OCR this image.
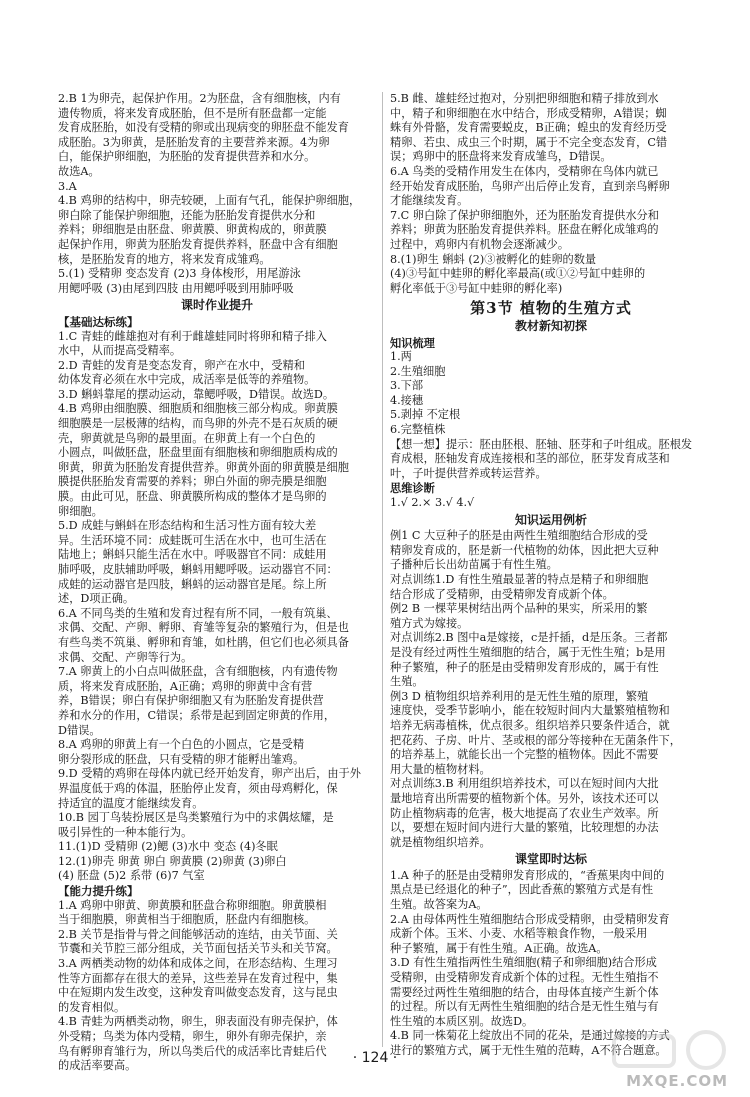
2.B 1为卵壳，起保护作用。2为胚盘，含有细胞核，内有
遗传物质，将来发育成胚胎，但不是所有胚盘都一定能
发育成胚胎，如没有受精的卵或出现病变的卵胚盘不能发育
成胚胎。3为卵黄，是胚胎发育的主要营养来源。4为卵
白，能保护卵细胞，为胚胎的发育提供营养和水分。
故选A。
3.A
4.B 鸡卵的结构中，卵壳较硬，上面有气孔，能保护卵细胞，
卵白除了能保护卵细胞，还能为胚胎发育提供水分和
养料；卵细胞是由胚盘、卵黄膜、卵黄构成的，卵黄膜
起保护作用，卵黄为胚胎发育提供养料，胚盘中含有细胞
核，是胚胎发育的地方，将来发育成雏鸡。
5.(1) 受精卵 变态发育 (2)3 身体梭形，用尾游泳
用鳃呼吸 (3)由尾到四肢 由用鳃呼吸到用肺呼吸
课时作业提升
【基础达标练】
1.C 青蛙的雌雄抱对有利于雌雄蛙同时将卵和精子排入
水中，从而提高受精率。
2.D 青蛙的发育是变态发育，卵产在水中，受精和
幼体发育必须在水中完成，成活率是低等的养殖物。
3.D 蝌蚪靠尾的摆动运动，靠鳃呼吸，D错误。故选D。
4.B 鸡卵由细胞膜、细胞质和细胞核三部分构成。卵黄膜
细胞膜是一层极薄的结构，而鸟卵的外壳不是石灰质的硬
壳，卵黄就是鸟卵的最里面。在卵黄上有一个白色的
小圆点，叫做胚盘，胚盘里面有细胞核和卵细胞质构成的
卵黄，卵黄为胚胎发育提供营养。卵黄外面的卵黄膜是细胞
膜提供胚胎发育需要的养料；卵白外面的卵壳膜是细胞
膜。由此可见，胚盘、卵黄膜所构成的整体才是鸟卵的
卵细胞。
5.D 成蛙与蝌蚪在形态结构和生活习性方面有较大差
异。生活环境不同：成蛙既可生活在水中，也可生活在
陆地上；蝌蚪只能生活在水中。呼吸器官不同：成蛙用
肺呼吸，皮肤辅助呼吸，蝌蚪用鳃呼吸。运动器官不同：
成蛙的运动器官是四肢，蝌蚪的运动器官是尾。综上所
述，D项正确。
6.A 不同鸟类的生殖和发育过程有所不同，一般有筑巢、
求偶、交配、产卵、孵卵、育雏等复杂的繁殖行为，但是也
有些鸟类不筑巢、孵卵和育雏，如杜鹃，但它们也必须具备
求偶、交配、产卵等行为。
7.A 卵黄上的小白点叫做胚盘，含有细胞核，内有遗传物
质，将来发育成胚胎，A正确；鸡卵的卵黄中含有营
养，B错误；卵白有保护卵细胞又有为胚胎发育提供营
养和水分的作用，C错误；系带是起到固定卵黄的作用，
D错误。
8.A 鸡卵的卵黄上有一个白色的小圆点，它是受精
卵分裂形成的胚盘，只有受精的卵才能孵出雏鸡。
9.D 受精的鸡卵在母体内就已经开始发育，卵产出后，由于外
界温度低于鸡的体温，胚胎停止发育，须由母鸡孵化，保
持适宜的温度才能继续发育。
10.B 园丁鸟装扮展区是鸟类繁殖行为中的求偶炫耀，是
吸引异性的一种本能行为。
11.(1)D 受精卵 (2)鳃 (3)水中 变态 (4)冬眠
12.(1)卵壳 卵黄 卵白 卵黄膜 (2)卵黄 (3)卵白
(4) 胚盘 (5)2 系带 (6)7 气室
【能力提升练】
1.A 鸡卵中卵黄、卵黄膜和胚盘合称卵细胞。卵黄膜相
当于细胞膜，卵黄相当于细胞质，胚盘内有细胞核。
2.B 关节是指骨与骨之间能够活动的连结，由关节面、关
节囊和关节腔三部分组成，关节面包括关节头和关节窝。
3.A 两栖类动物的幼体和成体之间，在形态结构、生理习
性等方面都存在很大的差异，这些差异在发育过程中，集
中在短期内发生改变，这种发育叫做变态发育，这与昆虫
的发育相似。
4.B 青蛙为两栖类动物，卵生，卵表面没有卵壳保护，体
外受精；鸟类为体内受精，卵生，卵外有卵壳保护，亲
鸟有孵卵育雏行为，所以鸟类后代的成活率比青蛙后代
的成活率要高。
5.B 雌、雄蛙经过抱对，分别把卵细胞和精子排放到水
中，精子和卵细胞在水中结合，形成受精卵，A错误；蜘
蛛有外骨骼，发育需要蜕皮，B正确；蝗虫的发育经历受
精卵、若虫、成虫三个时期，属于不完全变态发育，C错
误；鸡卵中的胚盘将来发育成雏鸟，D错误。
6.A 鸟类的受精作用发生在体内，受精卵在鸟体内就已
经开始发育成胚胎，鸟卵产出后停止发育，直到亲鸟孵卵
才能继续发育。
7.C 卵白除了保护卵细胞外，还为胚胎发育提供水分和
养料；卵黄为胚胎发育提供养料。胚盘在孵化成雏鸡的
过程中，鸡卵内有机物会逐渐减少。
8.(1)卵生 蝌蚪 (2)③被孵化的蛙卵的数量
(4)③号缸中蛙卵的孵化率最高(或①②号缸中蛙卵的
孵化率低于③号缸中蛙卵的孵化率)
第3节 植物的生殖方式
教材新知初探
知识梳理
1.两
2.生殖细胞
3.下部
4.接穗
5.剥掉 不定根
6.完整植株
【想一想】提示：胚由胚根、胚轴、胚芽和子叶组成。胚根发
育成根，胚轴发育成连接根和茎的部位，胚芽发育成茎和
叶，子叶提供营养或转运营养。
思维诊断
1.√ 2.× 3.√ 4.√
知识运用例析
例1 C 大豆种子的胚是由两性生殖细胞结合形成的受
精卵发育成的，胚是新一代植物的幼体，因此把大豆种
子播种后长出幼苗属于有性生殖。
对点训练1.D 有性生殖最显著的特点是精子和卵细胞
结合形成了受精卵，由受精卵发育成新个体。
例2 B 一棵苹果树结出两个品种的果实，所采用的繁
殖方式为嫁接。
对点训练2.B 图中a是嫁接，c是扦插，d是压条。三者都
是没有经过两性生殖细胞的结合，属于无性生殖；b是用
种子繁殖，种子的胚是由受精卵发育形成的，属于有性
生殖。
例3 D 植物组织培养利用的是无性生殖的原理，繁殖
速度快，受季节影响小，能在较短时间内大量繁殖植物和
培养无病毒植株，优点很多。组织培养只要条件适合，就
把花药、子房、叶片、茎或根的部分等接种在无菌条件下，
的培养基上，就能长出一个完整的植物体。因此不需要
用大量的植物材料。
对点训练3.B 利用组织培养技术，可以在短时间内大批
量地培育出所需要的植物新个体。另外，该技术还可以
防止植物病毒的危害，极大地提高了农业生产效率。所
以，要想在短时间内进行大量的繁殖，比较理想的办法
就是植物组织培养。
课堂即时达标
1.A 种子的胚是由受精卵发育形成的，“香蕉果肉中间的
黑点是已经退化的种子”，因此香蕉的繁殖方式是有性
生殖。故答案为A。
2.A 由母体两性生殖细胞结合形成受精卵，由受精卵发育
成新个体。玉米、小麦、水稻等粮食作物，一般采用
种子繁殖，属于有性生殖。A正确。故选A。
3.D 有性生殖指两性生殖细胞(精子和卵细胞)结合形成
受精卵，由受精卵发育成新个体的过程。无性生殖指不
需要经过两性生殖细胞的结合，由母体直接产生新个体
的过程。所以有无两性生殖细胞的结合是无性生殖与有
性生殖的本质区别。故选D。
4.B 同一株菊花上绽放出不同的花朵，是通过嫁接的方式
进行的繁殖方式，属于无性生殖的范畴，A不符合题意。
· 124 ·
MXQE.COM
